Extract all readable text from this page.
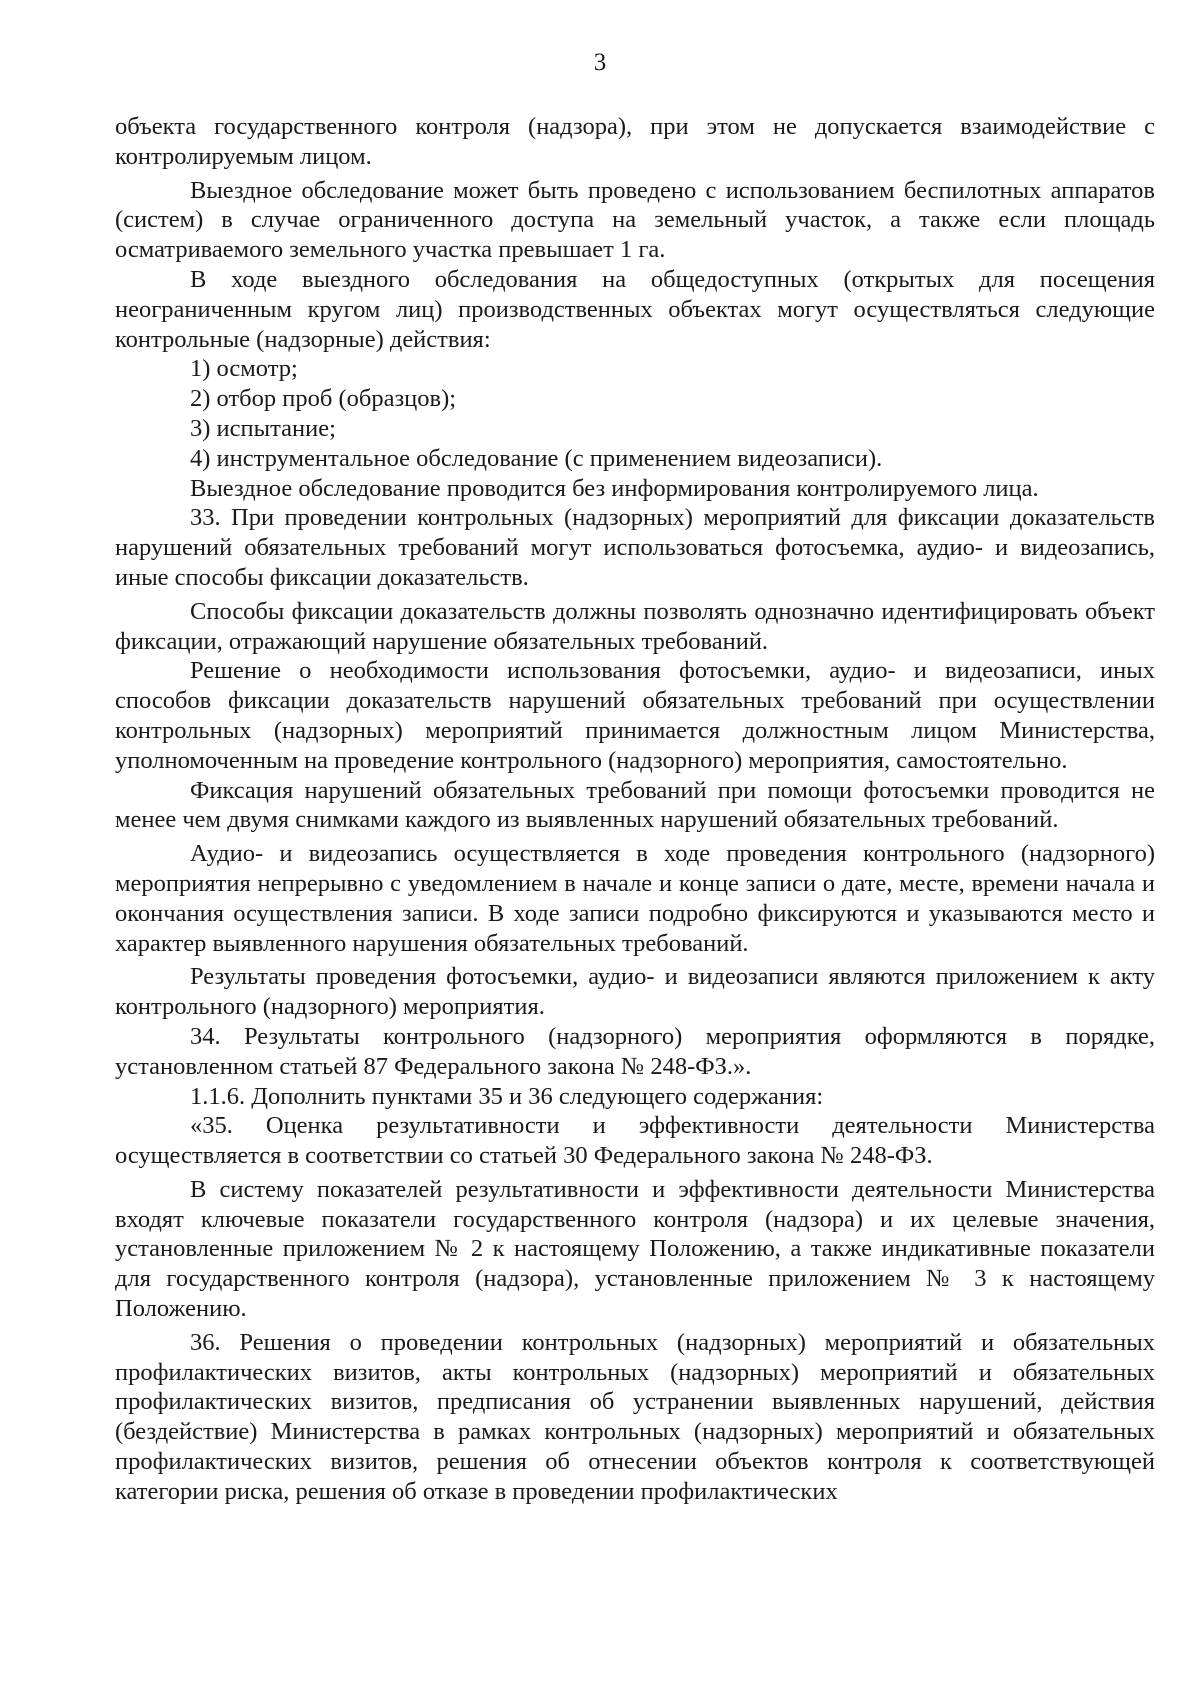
3

объекта государственного контроля (надзора), при этом не допускается взаимодействие с контролируемым лицом.

Выездное обследование может быть проведено с использованием беспилотных аппаратов (систем) в случае ограниченного доступа на земельный участок, а также если площадь осматриваемого земельного участка превышает 1 га.

В ходе выездного обследования на общедоступных (открытых для посещения неограниченным кругом лиц) производственных объектах могут осуществляться следующие контрольные (надзорные) действия:

1) осмотр;

2) отбор проб (образцов);

3) испытание;

4) инструментальное обследование (с применением видеозаписи).

Выездное обследование проводится без информирования контролируемого лица.

33. При проведении контрольных (надзорных) мероприятий для фиксации доказательств нарушений обязательных требований могут использоваться фотосъемка, аудио- и видеозапись, иные способы фиксации доказательств.

Способы фиксации доказательств должны позволять однозначно идентифицировать объект фиксации, отражающий нарушение обязательных требований.

Решение о необходимости использования фотосъемки, аудио- и видеозаписи, иных способов фиксации доказательств нарушений обязательных требований при осуществлении контрольных (надзорных) мероприятий принимается должностным лицом Министерства, уполномоченным на проведение контрольного (надзорного) мероприятия, самостоятельно.

Фиксация нарушений обязательных требований при помощи фотосъемки проводится не менее чем двумя снимками каждого из выявленных нарушений обязательных требований.

Аудио- и видеозапись осуществляется в ходе проведения контрольного (надзорного) мероприятия непрерывно с уведомлением в начале и конце записи о дате, месте, времени начала и окончания осуществления записи. В ходе записи подробно фиксируются и указываются место и характер выявленного нарушения обязательных требований.

Результаты проведения фотосъемки, аудио- и видеозаписи являются приложением к акту контрольного (надзорного) мероприятия.

34. Результаты контрольного (надзорного) мероприятия оформляются в порядке, установленном статьей 87 Федерального закона № 248-ФЗ.».

1.1.6. Дополнить пунктами 35 и 36 следующего содержания:

«35. Оценка результативности и эффективности деятельности Министерства осуществляется в соответствии со статьей 30 Федерального закона № 248-ФЗ.

В систему показателей результативности и эффективности деятельности Министерства входят ключевые показатели государственного контроля (надзора) и их целевые значения, установленные приложением № 2 к настоящему Положению, а также индикативные показатели для государственного контроля (надзора), установленные приложением № 3 к настоящему Положению.

36. Решения о проведении контрольных (надзорных) мероприятий и обязательных профилактических визитов, акты контрольных (надзорных) мероприятий и обязательных профилактических визитов, предписания об устранении выявленных нарушений, действия (бездействие) Министерства в рамках контрольных (надзорных) мероприятий и обязательных профилактических визитов, решения об отнесении объектов контроля к соответствующей категории риска, решения об отказе в проведении профилактических
